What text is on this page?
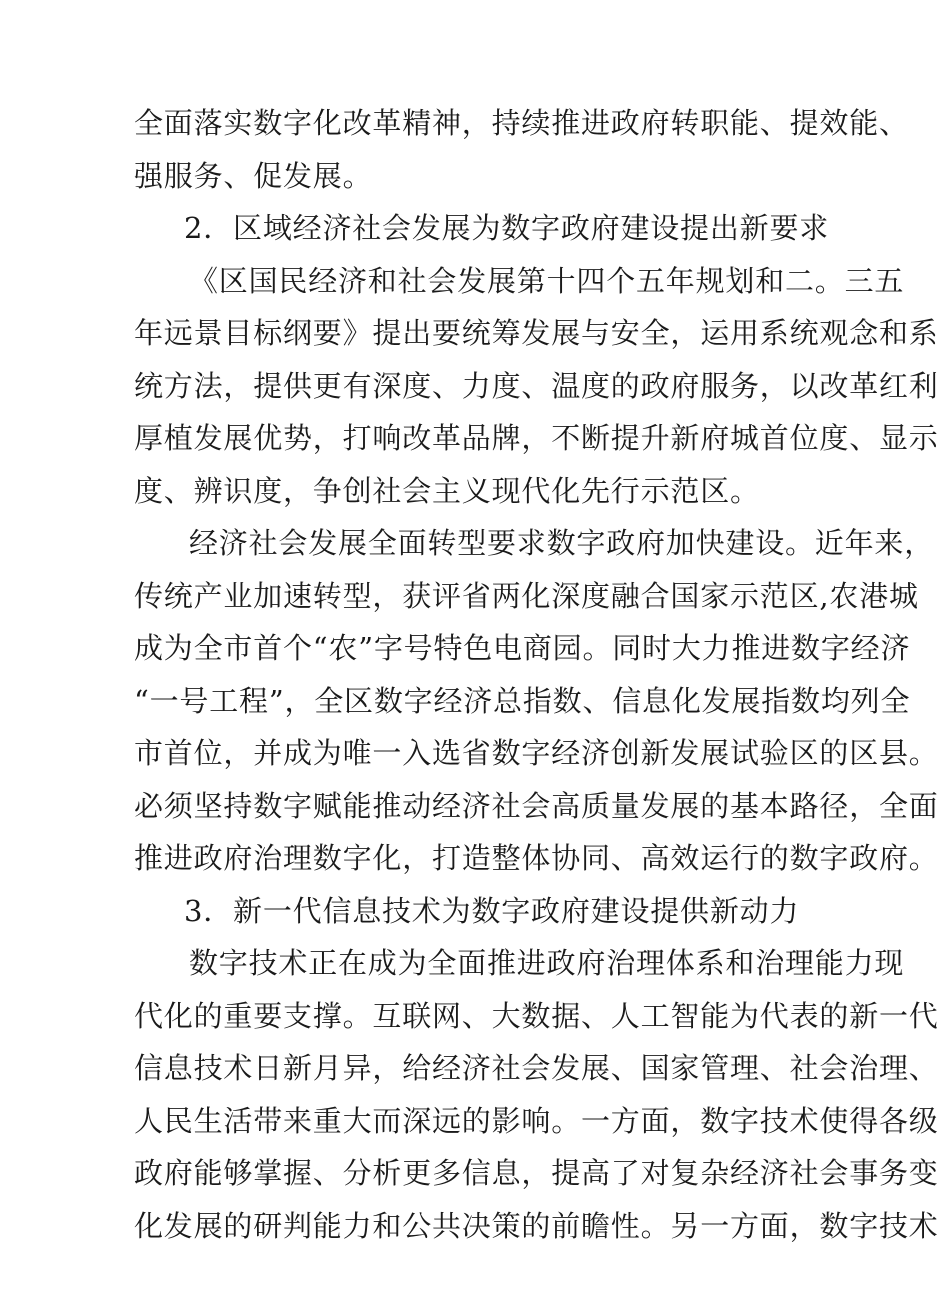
全面落实数字化改革精神，持续推进政府转职能、提效能、
强服务、促发展。
2．区域经济社会发展为数字政府建设提出新要求
《区国民经济和社会发展第十四个五年规划和二。三五
年远景目标纲要》提出要统筹发展与安全，运用系统观念和系
统方法，提供更有深度、力度、温度的政府服务，以改革红利
厚植发展优势，打响改革品牌，不断提升新府城首位度、显示
度、辨识度，争创社会主义现代化先行示范区。
经济社会发展全面转型要求数字政府加快建设。近年来，
传统产业加速转型，获评省两化深度融合国家示范区,农港城
成为全市首个“农”字号特色电商园。同时大力推进数字经济
“一号工程”，全区数字经济总指数、信息化发展指数均列全
市首位，并成为唯一入选省数字经济创新发展试验区的区县。
必须坚持数字赋能推动经济社会高质量发展的基本路径，全面
推进政府治理数字化，打造整体协同、高效运行的数字政府。
3．新一代信息技术为数字政府建设提供新动力
数字技术正在成为全面推进政府治理体系和治理能力现
代化的重要支撑。互联网、大数据、人工智能为代表的新一代
信息技术日新月异，给经济社会发展、国家管理、社会治理、
人民生活带来重大而深远的影响。一方面，数字技术使得各级
政府能够掌握、分析更多信息，提高了对复杂经济社会事务变
化发展的研判能力和公共决策的前瞻性。另一方面，数字技术
